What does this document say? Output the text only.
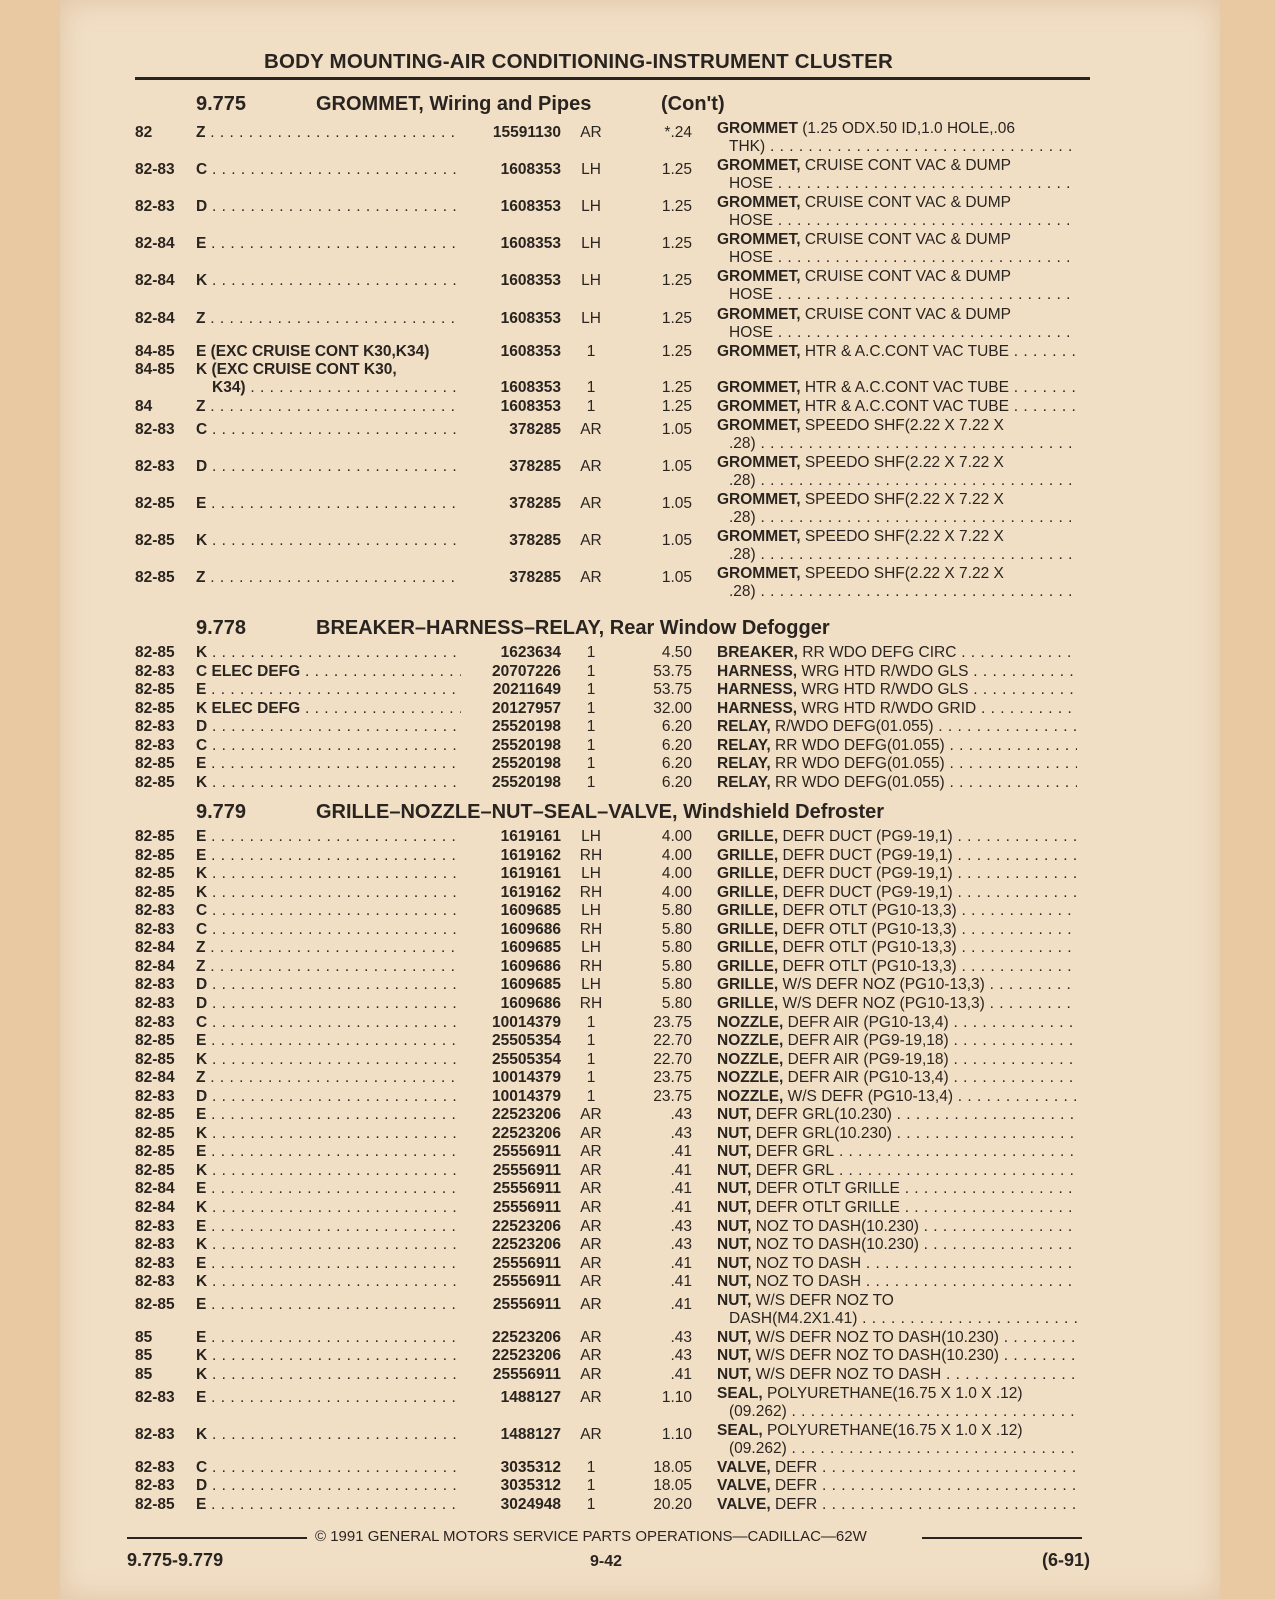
BODY MOUNTING-AIR CONDITIONING-INSTRUMENT CLUSTER
9.775	GROMMET, Wiring and Pipes	(Con't)
82	Z . . .	15591130	AR	*.24 GROMMET (1.25 ODX.50 ID,1.0 HOLE,.06
THK) . . .
82-83	C . . .	1608353	LH	1.25 GROMMET, CRUISE CONT VAC & DUMP
HOSE . . .
82-83	D . . .	1608353	LH	1.25 GROMMET, CRUISE CONT VAC & DUMP
HOSE . . .
82-84	E . . .	1608353	LH	1.25 GROMMET, CRUISE CONT VAC & DUMP
HOSE . . .
82-84	K . . .	1608353	LH	1.25 GROMMET, CRUISE CONT VAC & DUMP
HOSE . . .
82-84	Z . . .	1608353	LH	1.25 GROMMET, CRUISE CONT VAC & DUMP
HOSE . . .
84-85	E (EXC CRUISE CONT K30,K34)	1608353	1	1.25 GROMMET, HTR & A.C.CONT VAC TUBE . . .
84-85	K (EXC CRUISE CONT K30,
K34) . . .	1608353	1	1.25 GROMMET, HTR & A.C.CONT VAC TUBE . . .
84	Z . . .	1608353	1	1.25 GROMMET, HTR & A.C.CONT VAC TUBE . . .
82-83	C . . .	378285	AR	1.05 GROMMET, SPEEDO SHF(2.22 X 7.22 X
.28) . . .
82-83	D . . .	378285	AR	1.05 GROMMET, SPEEDO SHF(2.22 X 7.22 X
.28) . . .
82-85	E . . .	378285	AR	1.05 GROMMET, SPEEDO SHF(2.22 X 7.22 X
.28) . . .
82-85	K . . .	378285	AR	1.05 GROMMET, SPEEDO SHF(2.22 X 7.22 X
.28) . . .
82-85	Z . . .	378285	AR	1.05 GROMMET, SPEEDO SHF(2.22 X 7.22 X
.28) . . .
9.778	BREAKER–HARNESS–RELAY, Rear Window Defogger
82-85	K . . .	1623634	1	4.50 BREAKER, RR WDO DEFG CIRC . . .
82-83	C ELEC DEFG . . .	20707226	1	53.75 HARNESS, WRG HTD R/WDO GLS . . .
82-85	E . . .	20211649	1	53.75 HARNESS, WRG HTD R/WDO GLS . . .
82-85	K ELEC DEFG . . .	20127957	1	32.00 HARNESS, WRG HTD R/WDO GRID . . .
82-83	D . . .	25520198	1	6.20 RELAY, R/WDO DEFG(01.055) . . .
82-83	C . . .	25520198	1	6.20 RELAY, RR WDO DEFG(01.055) . . .
82-85	E . . .	25520198	1	6.20 RELAY, RR WDO DEFG(01.055) . . .
82-85	K . . .	25520198	1	6.20 RELAY, RR WDO DEFG(01.055) . . .
9.779	GRILLE–NOZZLE–NUT–SEAL–VALVE, Windshield Defroster
82-85	E . . .	1619161	LH	4.00 GRILLE, DEFR DUCT (PG9-19,1) . . .
82-85	E . . .	1619162	RH	4.00 GRILLE, DEFR DUCT (PG9-19,1) . . .
82-85	K . . .	1619161	LH	4.00 GRILLE, DEFR DUCT (PG9-19,1) . . .
82-85	K . . .	1619162	RH	4.00 GRILLE, DEFR DUCT (PG9-19,1) . . .
82-83	C . . .	1609685	LH	5.80 GRILLE, DEFR OTLT (PG10-13,3) . . .
82-83	C . . .	1609686	RH	5.80 GRILLE, DEFR OTLT (PG10-13,3) . . .
82-84	Z . . .	1609685	LH	5.80 GRILLE, DEFR OTLT (PG10-13,3) . . .
82-84	Z . . .	1609686	RH	5.80 GRILLE, DEFR OTLT (PG10-13,3) . . .
82-83	D . . .	1609685	LH	5.80 GRILLE, W/S DEFR NOZ (PG10-13,3) . . .
82-83	D . . .	1609686	RH	5.80 GRILLE, W/S DEFR NOZ (PG10-13,3) . . .
82-83	C . . .	10014379	1	23.75 NOZZLE, DEFR AIR (PG10-13,4) . . .
82-85	E . . .	25505354	1	22.70 NOZZLE, DEFR AIR (PG9-19,18) . . .
82-85	K . . .	25505354	1	22.70 NOZZLE, DEFR AIR (PG9-19,18) . . .
82-84	Z . . .	10014379	1	23.75 NOZZLE, DEFR AIR (PG10-13,4) . . .
82-83	D . . .	10014379	1	23.75 NOZZLE, W/S DEFR (PG10-13,4) . . .
82-85	E . . .	22523206	AR	.43 NUT, DEFR GRL(10.230) . . .
82-85	K . . .	22523206	AR	.43 NUT, DEFR GRL(10.230) . . .
82-85	E . . .	25556911	AR	.41 NUT, DEFR GRL . . .
82-85	K . . .	25556911	AR	.41 NUT, DEFR GRL . . .
82-84	E . . .	25556911	AR	.41 NUT, DEFR OTLT GRILLE . . .
82-84	K . . .	25556911	AR	.41 NUT, DEFR OTLT GRILLE . . .
82-83	E . . .	22523206	AR	.43 NUT, NOZ TO DASH(10.230) . . .
82-83	K . . .	22523206	AR	.43 NUT, NOZ TO DASH(10.230) . . .
82-83	E . . .	25556911	AR	.41 NUT, NOZ TO DASH . . .
82-83	K . . .	25556911	AR	.41 NUT, NOZ TO DASH . . .
82-85	E . . .	25556911	AR	.41 NUT, W/S DEFR NOZ TO
DASH(M4.2X1.41) . . .
85	E . . .	22523206	AR	.43 NUT, W/S DEFR NOZ TO DASH(10.230) . . .
85	K . . .	22523206	AR	.43 NUT, W/S DEFR NOZ TO DASH(10.230) . . .
85	K . . .	25556911	AR	.41 NUT, W/S DEFR NOZ TO DASH . . .
82-83	E . . .	1488127	AR	1.10 SEAL, POLYURETHANE(16.75 X 1.0 X .12)
(09.262) . . .
82-83	K . . .	1488127	AR	1.10 SEAL, POLYURETHANE(16.75 X 1.0 X .12)
(09.262) . . .
82-83	C . . .	3035312	1	18.05 VALVE, DEFR . . .
82-83	D . . .	3035312	1	18.05 VALVE, DEFR . . .
82-85	E . . .	3024948	1	20.20 VALVE, DEFR . . .
© 1991 GENERAL MOTORS SERVICE PARTS OPERATIONS—CADILLAC—62W
9.775-9.779	9-42	(6-91)
